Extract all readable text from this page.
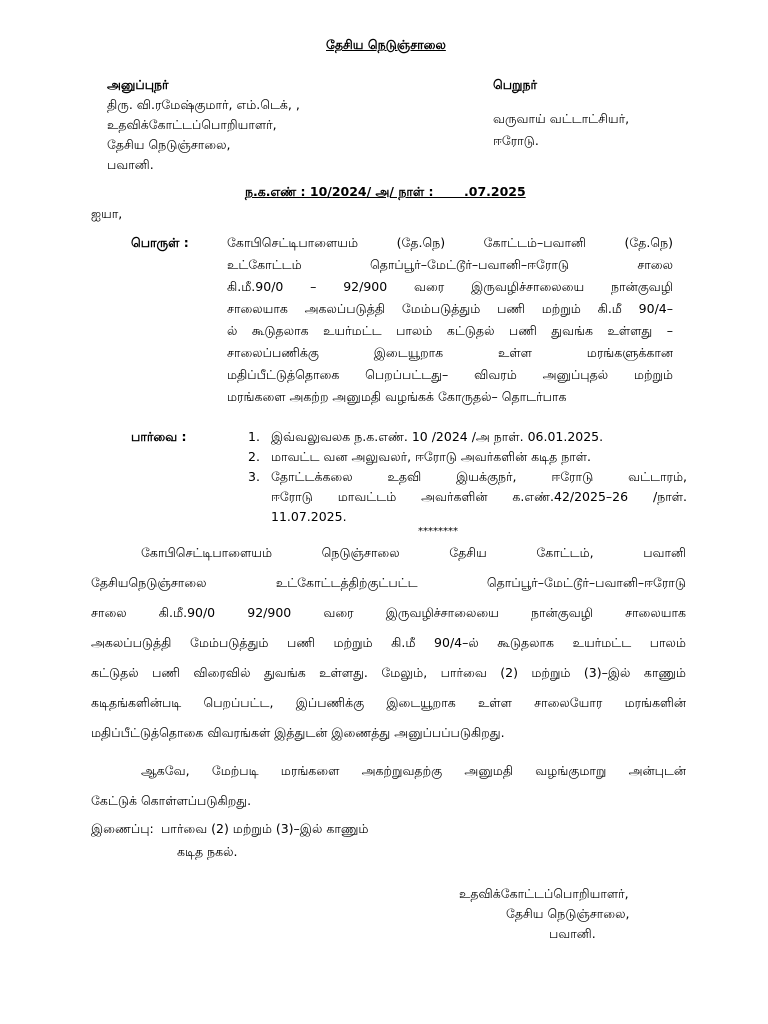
தேசிய நெடுஞ்சாலை
அனுப்புநர்
திரு. வி.ரமேஷ்குமார், எம்.டெக், ,
உதவிக்கோட்டப்பொறியாளர்,
தேசிய நெடுஞ்சாலை,
பவானி.
பெறுநர்
வருவாய் வட்டாட்சியர்,
ஈரோடு.
ந.க.எண் : 10/2024/ அ/ நாள் :       .07.2025
ஐயா,
பொருள் :	கோபிசெட்டிபாளையம் (தே.நெ) கோட்டம்–பவானி (தே.நெ)
உட்கோட்டம் தொப்பூர்–மேட்டூர்–பவானி–ஈரோடு சாலை
கி.மீ.90/0 – 92/900 வரை இருவழிச்சாலையை நான்குவழி
சாலையாக அகலப்படுத்தி மேம்படுத்தும் பணி மற்றும் கி.மீ 90/4–
ல் கூடுதலாக உயர்மட்ட பாலம் கட்டுதல் பணி துவங்க உள்ளது –
சாலைப்பணிக்கு இடையூறாக உள்ள மரங்களுக்கான
மதிப்பீட்டுத்தொகை பெறப்பட்டது– விவரம் அனுப்புதல் மற்றும்
மரங்களை அகற்ற அனுமதி வழங்கக் கோருதல்– தொடர்பாக
பார்வை :	1.
2.
3.
இவ்வலுவலக ந.க.எண். 10 /2024 /அ நாள். 06.01.2025.
மாவட்ட வன அலுவலர், ஈரோடு அவர்களின் கடித நாள்.
தோட்டக்கலை உதவி இயக்குநர், ஈரோடு வட்டாரம்,
ஈரோடு மாவட்டம் அவர்களின் க.எண்.42/2025–26 /நாள்.
11.07.2025.
********
கோபிசெட்டிபாளையம் நெடுஞ்சாலை தேசிய கோட்டம், பவானி
தேசியநெடுஞ்சாலை உட்கோட்டத்திற்குட்பட்ட தொப்பூர்–மேட்டூர்–பவானி–ஈரோடு
சாலை கி.மீ.90/0 92/900 வரை இருவழிச்சாலையை நான்குவழி சாலையாக
அகலப்படுத்தி மேம்படுத்தும் பணி மற்றும் கி.மீ 90/4–ல் கூடுதலாக உயர்மட்ட பாலம்
கட்டுதல் பணி விரைவில் துவங்க உள்ளது. மேலும், பார்வை (2) மற்றும் (3)–இல் காணும்
கடிதங்களின்படி பெறப்பட்ட, இப்பணிக்கு இடையூறாக உள்ள சாலையோர மரங்களின்
மதிப்பீட்டுத்தொகை விவரங்கள் இத்துடன் இணைத்து அனுப்பப்படுகிறது.
ஆகவே, மேற்படி மரங்களை அகற்றுவதற்கு அனுமதி வழங்குமாறு அன்புடன்
கேட்டுக் கொள்ளப்படுகிறது.
இணைப்பு: பார்வை (2) மற்றும் (3)–இல் காணும்
கடித நகல்.
உதவிக்கோட்டப்பொறியாளர்,
தேசிய நெடுஞ்சாலை,
பவானி.
